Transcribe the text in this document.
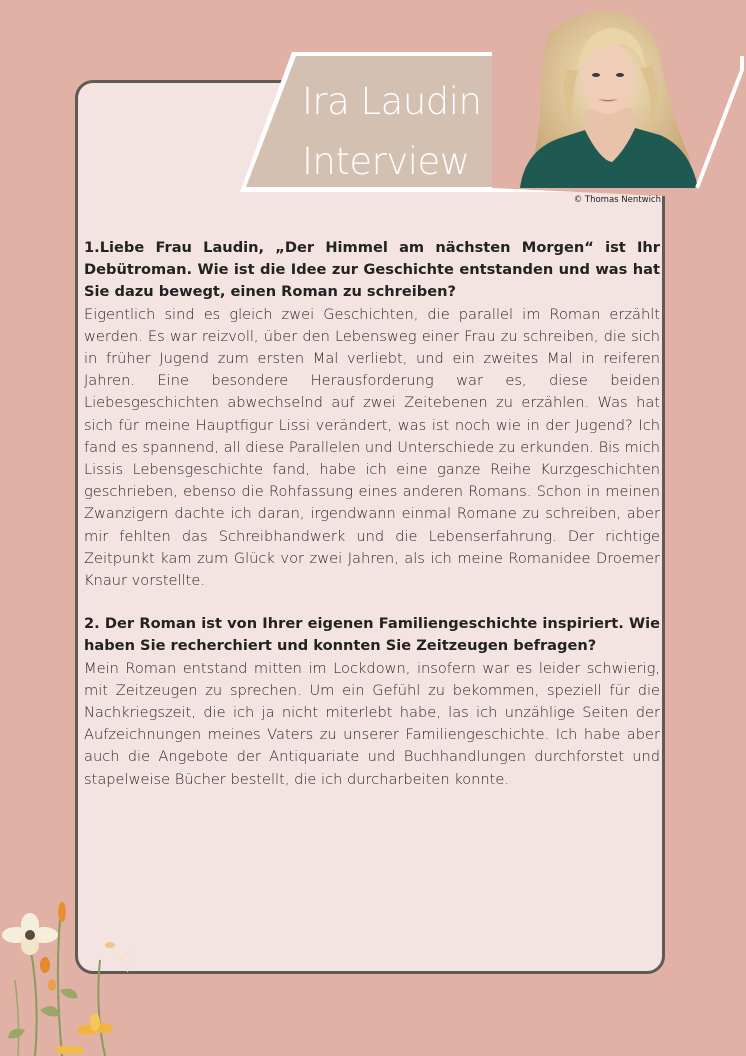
Ira Laudin
Interview
© Thomas Nentwich

1.Liebe Frau Laudin, „Der Himmel am nächsten Morgen“ ist Ihr Debütroman. Wie ist die Idee zur Geschichte entstanden und was hat Sie dazu bewegt, einen Roman zu schreiben?

Eigentlich sind es gleich zwei Geschichten, die parallel im Roman erzählt werden. Es war reizvoll, über den Lebensweg einer Frau zu schreiben, die sich in früher Jugend zum ersten Mal verliebt, und ein zweites Mal in reiferen Jahren. Eine besondere Herausforderung war es, diese beiden Liebesgeschichten abwechselnd auf zwei Zeitebenen zu erzählen. Was hat sich für meine Hauptfigur Lissi verändert, was ist noch wie in der Jugend? Ich fand es spannend, all diese Parallelen und Unterschiede zu erkunden. Bis mich Lissis Lebensgeschichte fand, habe ich eine ganze Reihe Kurzgeschichten geschrieben, ebenso die Rohfassung eines anderen Romans. Schon in meinen Zwanzigern dachte ich daran, irgendwann einmal Romane zu schreiben, aber mir fehlten das Schreibhandwerk und die Lebenserfahrung. Der richtige Zeitpunkt kam zum Glück vor zwei Jahren, als ich meine Romanidee Droemer Knaur vorstellte.

2. Der Roman ist von Ihrer eigenen Familiengeschichte inspiriert. Wie haben Sie recherchiert und konnten Sie Zeitzeugen befragen?

Mein Roman entstand mitten im Lockdown, insofern war es leider schwierig, mit Zeitzeugen zu sprechen. Um ein Gefühl zu bekommen, speziell für die Nachkriegszeit, die ich ja nicht miterlebt habe, las ich unzählige Seiten der Aufzeichnungen meines Vaters zu unserer Familiengeschichte. Ich habe aber auch die Angebote der Antiquariate und Buchhandlungen durchforstet und stapelweise Bücher bestellt, die ich durcharbeiten konnte.
